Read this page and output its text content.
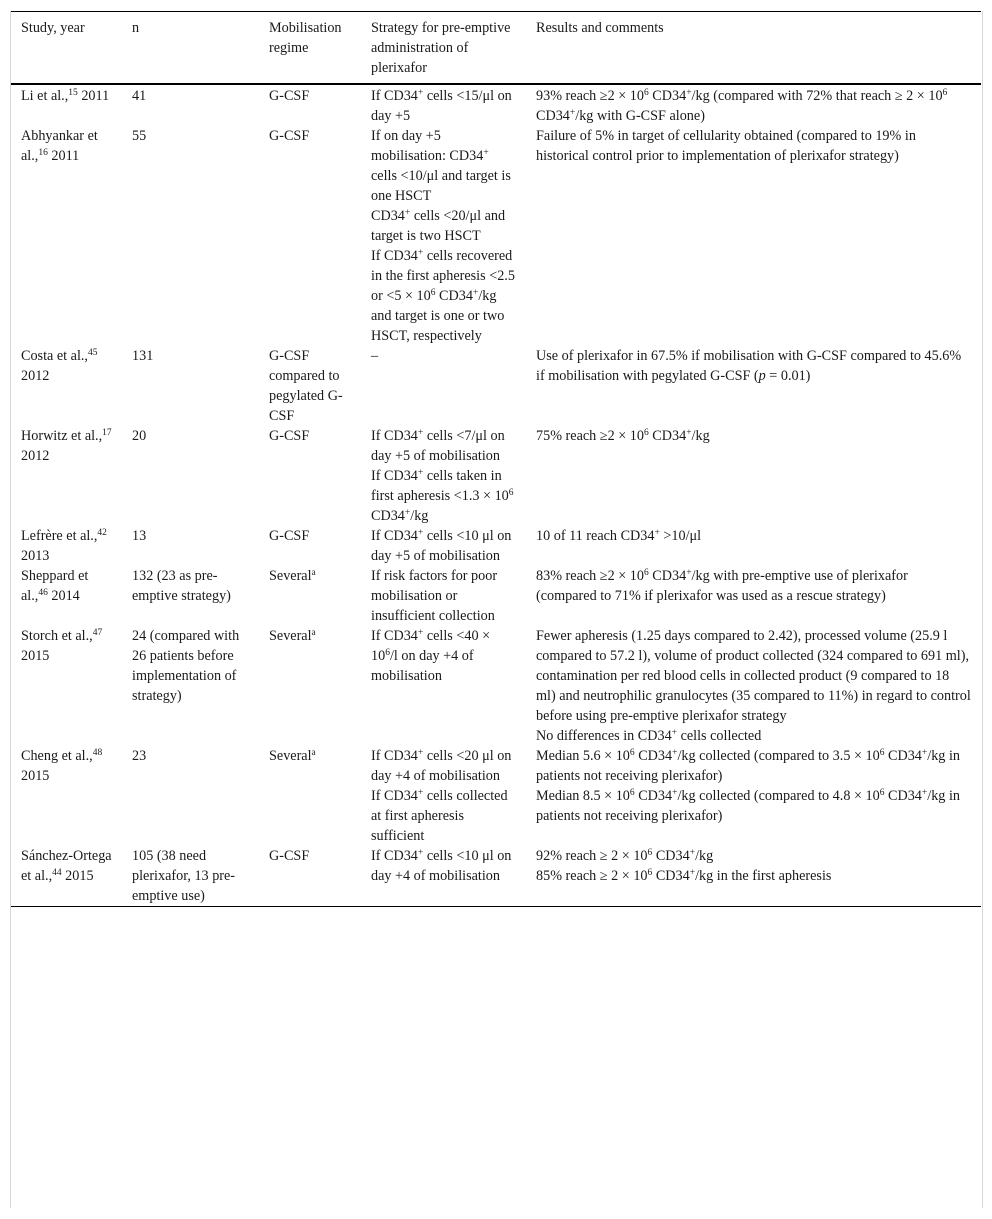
Study, year	n	Mobilisation regime	Strategy for pre-emptive administration of plerixafor	Results and comments

Li et al.,$^{15}$ 2011	41	G-CSF	If CD34+ cells <15/μl on day +5	93% reach $\ge 2 \times 10^6$ CD34+/kg (compared with 72% that reach ≥ $2 \times 10^6$ CD34+/kg with G-CSF alone)

Abhyankar et al.,$^{16}$ 2011	55	G-CSF	If on day +5 mobilisation: CD34+ cells <10/μl and target is one HSCT
CD34+ cells <20/μl and target is two HSCT
If CD34+ cells recovered in the first apheresis <2.5 or $<5 \times 10^6$ CD34+/kg and target is one or two HSCT, respectively	Failure of 5% in target of cellularity obtained (compared to 19% in historical control prior to implementation of plerixafor strategy)

Costa et al.,$^{45}$ 2012	131	G-CSF compared to pegylated G-CSF	–	Use of plerixafor in 67.5% if mobilisation with G-CSF compared to 45.6% if mobilisation with pegylated G-CSF (p = 0.01)

Horwitz et al.,$^{17}$ 2012	20	G-CSF	If CD34+ cells <7/μl on day +5 of mobilisation
If CD34+ cells taken in first apheresis $<1.3 \times 10^6$ CD34+/kg	75% reach $\ge 2 \times 10^6$ CD34+/kg

Lefrère et al.,$^{42}$ 2013	13	G-CSF	If CD34+ cells <10 μl on day +5 of mobilisation	10 of 11 reach CD34+ >10/μl

Sheppard et al.,$^{46}$ 2014	132 (23 as pre-emptive strategy)	Several$^a$	If risk factors for poor mobilisation or insufficient collection	83% reach $\ge 2 \times 10^6$ CD34+/kg with pre-emptive use of plerixafor (compared to 71% if plerixafor was used as a rescue strategy)

Storch et al.,$^{47}$ 2015	24 (compared with 26 patients before implementation of strategy)	Several$^a$	If CD34+ cells $<40 \times 10^6/l$ on day +4 of mobilisation	Fewer apheresis (1.25 days compared to 2.42), processed volume (25.9 l compared to 57.2 l), volume of product collected (324 compared to 691 ml), contamination per red blood cells in collected product (9 compared to 18 ml) and neutrophilic granulocytes (35 compared to 11%) in regard to control before using pre-emptive plerixafor strategy
No differences in CD34+ cells collected

Cheng et al.,$^{48}$ 2015	23	Several$^a$	If CD34+ cells <20 μl on day +4 of mobilisation
If CD34+ cells collected at first apheresis sufficient	Median $5.6 \times 10^6$ CD34+/kg collected (compared to $3.5 \times 10^6$ CD34+/kg in patients not receiving plerixafor)
Median $8.5 \times 10^6$ CD34+/kg collected (compared to $4.8 \times 10^6$ CD34+/kg in patients not receiving plerixafor)

Sánchez-Ortega et al.,$^{44}$ 2015	105 (38 need plerixafor, 13 pre-emptive use)	G-CSF	If CD34+ cells <10 μl on day +4 of mobilisation	92% reach ≥ $2 \times 10^6$ CD34+/kg
85% reach ≥ $2 \times 10^6$ CD34+/kg in the first apheresis
